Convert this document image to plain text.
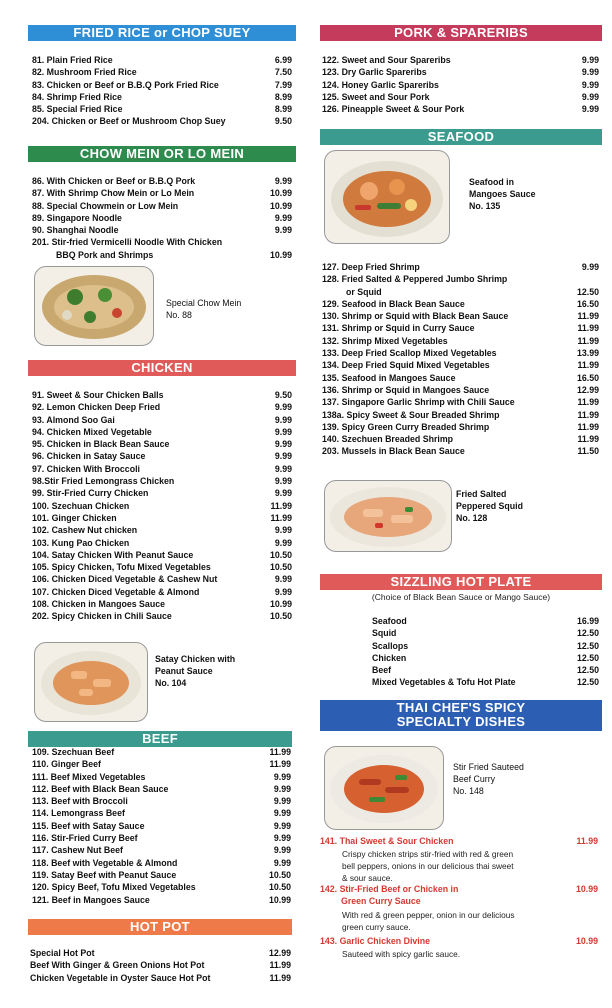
FRIED RICE or CHOP SUEY
81. Plain Fried Rice	6.99
82. Mushroom Fried Rice	7.50
83. Chicken or Beef or B.B.Q Pork Fried Rice	7.99
84. Shrimp Fried Rice	8.99
85. Special Fried Rice	8.99
204. Chicken or Beef or Mushroom Chop Suey	9.50
CHOW MEIN OR LO MEIN
86. With Chicken or Beef or B.B.Q Pork	9.99
87. With Shrimp Chow Mein or Lo Mein	10.99
88. Special Chowmein or Low Mein	10.99
89. Singapore Noodle	9.99
90. Shanghai Noodle	9.99
201. Stir-fried Vermicelli Noodle With Chicken
BBQ Pork and Shrimps	10.99
Special Chow Mein
No. 88
CHICKEN
91. Sweet & Sour Chicken Balls	9.50
92. Lemon Chicken Deep Fried	9.99
93. Almond Soo Gai	9.99
94. Chicken Mixed Vegetable	9.99
95. Chicken in Black Bean Sauce	9.99
96. Chicken in Satay Sauce	9.99
97. Chicken With Broccoli	9.99
98.Stir Fried Lemongrass Chicken	9.99
99. Stir-Fried Curry Chicken	9.99
100. Szechuan Chicken	11.99
101. Ginger Chicken	11.99
102. Cashew Nut chicken	9.99
103. Kung Pao Chicken	9.99
104. Satay Chicken With Peanut Sauce	10.50
105. Spicy Chicken, Tofu Mixed Vegetables	10.50
106. Chicken Diced Vegetable & Cashew Nut	9.99
107. Chicken Diced Vegetable & Almond	9.99
108. Chicken in Mangoes Sauce	10.99
202. Spicy Chicken in Chili Sauce	10.50
Satay Chicken with
Peanut Sauce
No. 104
BEEF
109. Szechuan Beef	11.99
110. Ginger Beef	11.99
111. Beef Mixed Vegetables	9.99
112. Beef with Black Bean Sauce	9.99
113. Beef with Broccoli	9.99
114. Lemongrass Beef	9.99
115. Beef with Satay Sauce	9.99
116. Stir-Fried Curry Beef	9.99
117. Cashew Nut Beef	9.99
118. Beef with Vegetable & Almond	9.99
119. Satay Beef with Peanut Sauce	10.50
120. Spicy Beef, Tofu Mixed Vegetables	10.50
121. Beef in Mangoes Sauce	10.99
HOT POT
Special Hot Pot	12.99
Beef With Ginger & Green Onions Hot Pot	11.99
Chicken Vegetable in Oyster Sauce Hot Pot	11.99
PORK & SPARERIBS
122. Sweet and Sour Spareribs	9.99
123. Dry Garlic Spareribs	9.99
124. Honey Garlic Spareribs	9.99
125. Sweet and Sour Pork	9.99
126. Pineapple Sweet & Sour Pork	9.99
SEAFOOD
Seafood in
Mangoes Sauce
No. 135
127. Deep Fried Shrimp	9.99
128. Fried Salted & Peppered Jumbo Shrimp
or Squid	12.50
129. Seafood in Black Bean Sauce	16.50
130. Shrimp or Squid with Black Bean Sauce	11.99
131. Shrimp or Squid in Curry Sauce	11.99
132. Shrimp Mixed Vegetables	11.99
133. Deep Fried Scallop Mixed Vegetables	13.99
134. Deep Fried Squid Mixed Vegetables	11.99
135. Seafood in Mangoes Sauce	16.50
136. Shrimp or Squid in Mangoes Sauce	12.99
137. Singapore Garlic Shrimp with Chili Sauce	11.99
138a. Spicy Sweet & Sour Breaded Shrimp	11.99
139. Spicy Green Curry Breaded Shrimp	11.99
140. Szechuen Breaded Shrimp	11.99
203. Mussels in Black Bean Sauce	11.50
Fried Salted
Peppered Squid
No. 128
SIZZLING HOT PLATE
(Choice of Black Bean Sauce or Mango Sauce)
Seafood	16.99
Squid	12.50
Scallops	12.50
Chicken	12.50
Beef	12.50
Mixed Vegetables & Tofu Hot Plate	12.50
THAI CHEF'S SPICY
SPECIALTY DISHES
Stir Fried Sauteed
Beef Curry
No. 148
141. Thai Sweet & Sour Chicken	11.99
Crispy chicken strips stir-fried with red & green
bell peppers, onions in our delicious thai sweet
& sour sauce.
142. Stir-Fried Beef or Chicken in
Green Curry Sauce
10.99
With red & green pepper, onion in our delicious
green curry sauce.
143. Garlic Chicken Divine	10.99
Sauteed with spicy garlic sauce.
